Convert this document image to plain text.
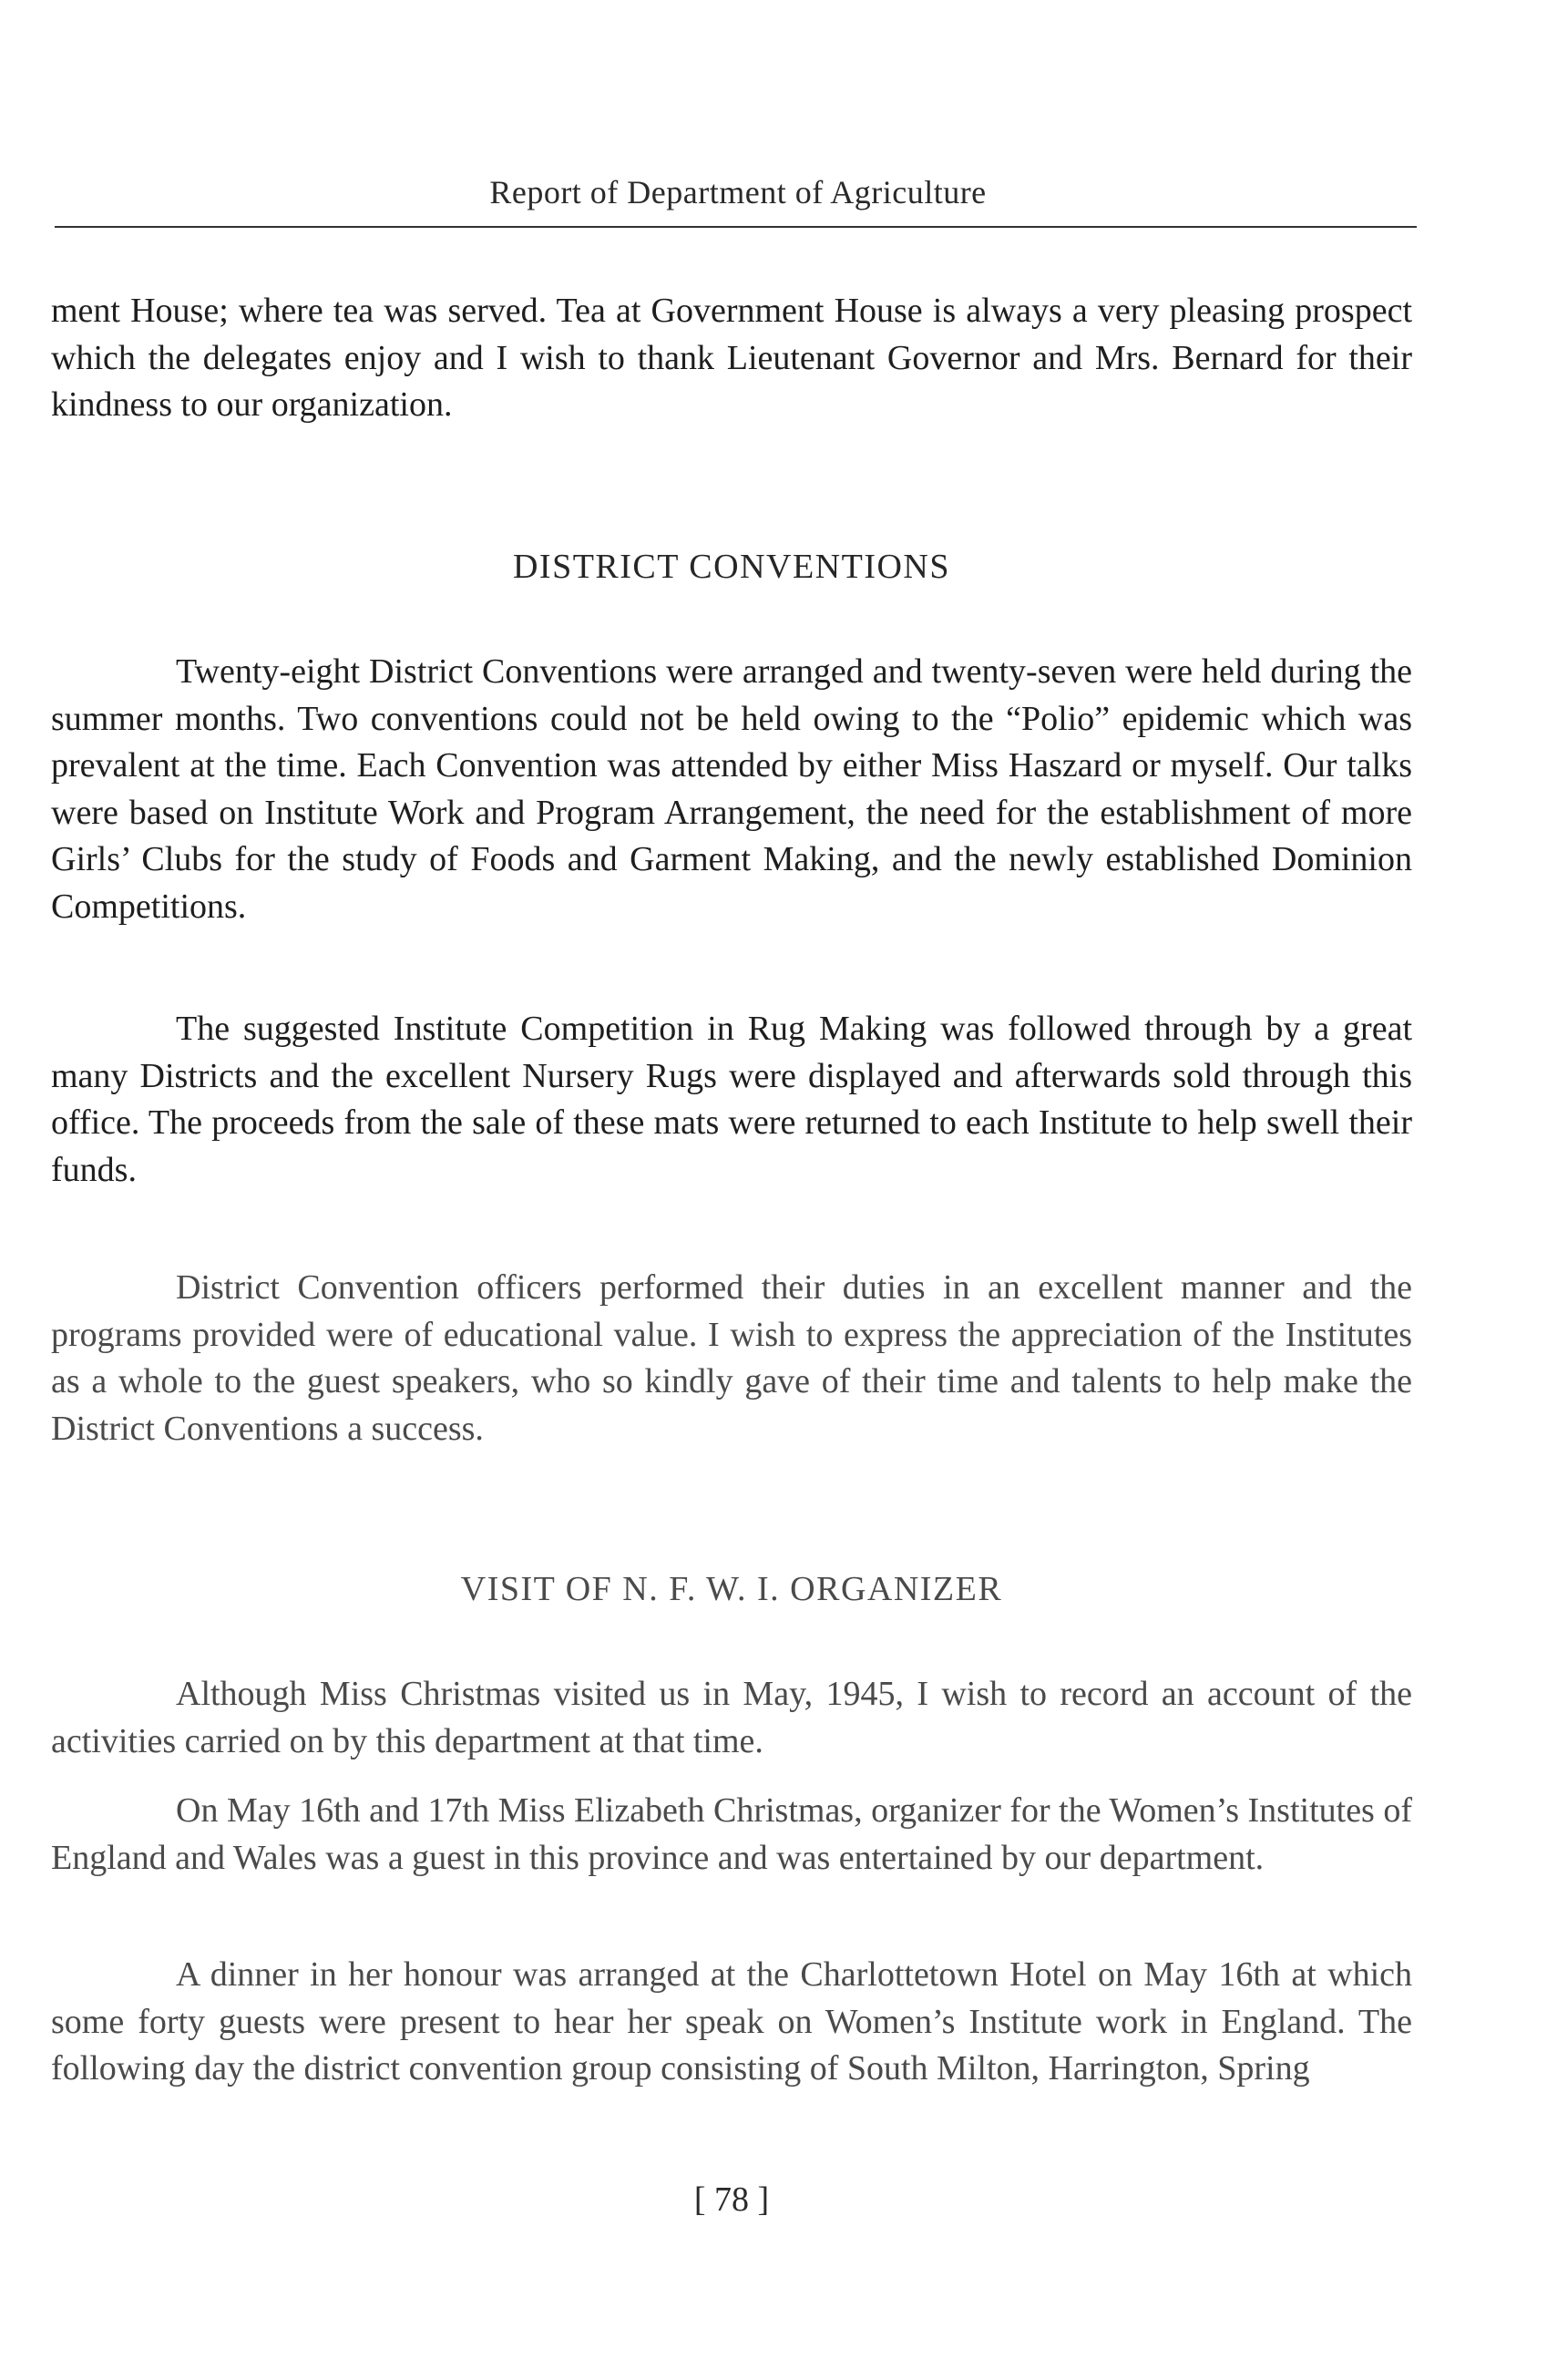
Report of Department of Agriculture
ment House; where tea was served. Tea at Government House is always a very pleasing prospect which the delegates enjoy and I wish to thank Lieutenant Governor and Mrs. Bernard for their kindness to our organization.
DISTRICT CONVENTIONS
Twenty-eight District Conventions were arranged and twenty-seven were held during the summer months. Two conventions could not be held owing to the “Polio” epidemic which was prevalent at the time. Each Convention was attended by either Miss Haszard or myself. Our talks were based on Institute Work and Program Arrangement, the need for the establishment of more Girls’ Clubs for the study of Foods and Garment Making, and the newly established Dominion Competitions.
The suggested Institute Competition in Rug Making was followed through by a great many Districts and the excellent Nursery Rugs were displayed and afterwards sold through this office. The proceeds from the sale of these mats were returned to each Institute to help swell their funds.
District Convention officers performed their duties in an excellent manner and the programs provided were of educational value. I wish to express the appreciation of the Institutes as a whole to the guest speakers, who so kindly gave of their time and talents to help make the District Conventions a success.
VISIT OF N. F. W. I. ORGANIZER
Although Miss Christmas visited us in May, 1945, I wish to record an account of the activities carried on by this department at that time.
On May 16th and 17th Miss Elizabeth Christmas, organizer for the Women’s Institutes of England and Wales was a guest in this province and was entertained by our department.
A dinner in her honour was arranged at the Charlottetown Hotel on May 16th at which some forty guests were present to hear her speak on Women’s Institute work in England. The following day the district convention group consisting of South Milton, Harrington, Spring
[ 78 ]
